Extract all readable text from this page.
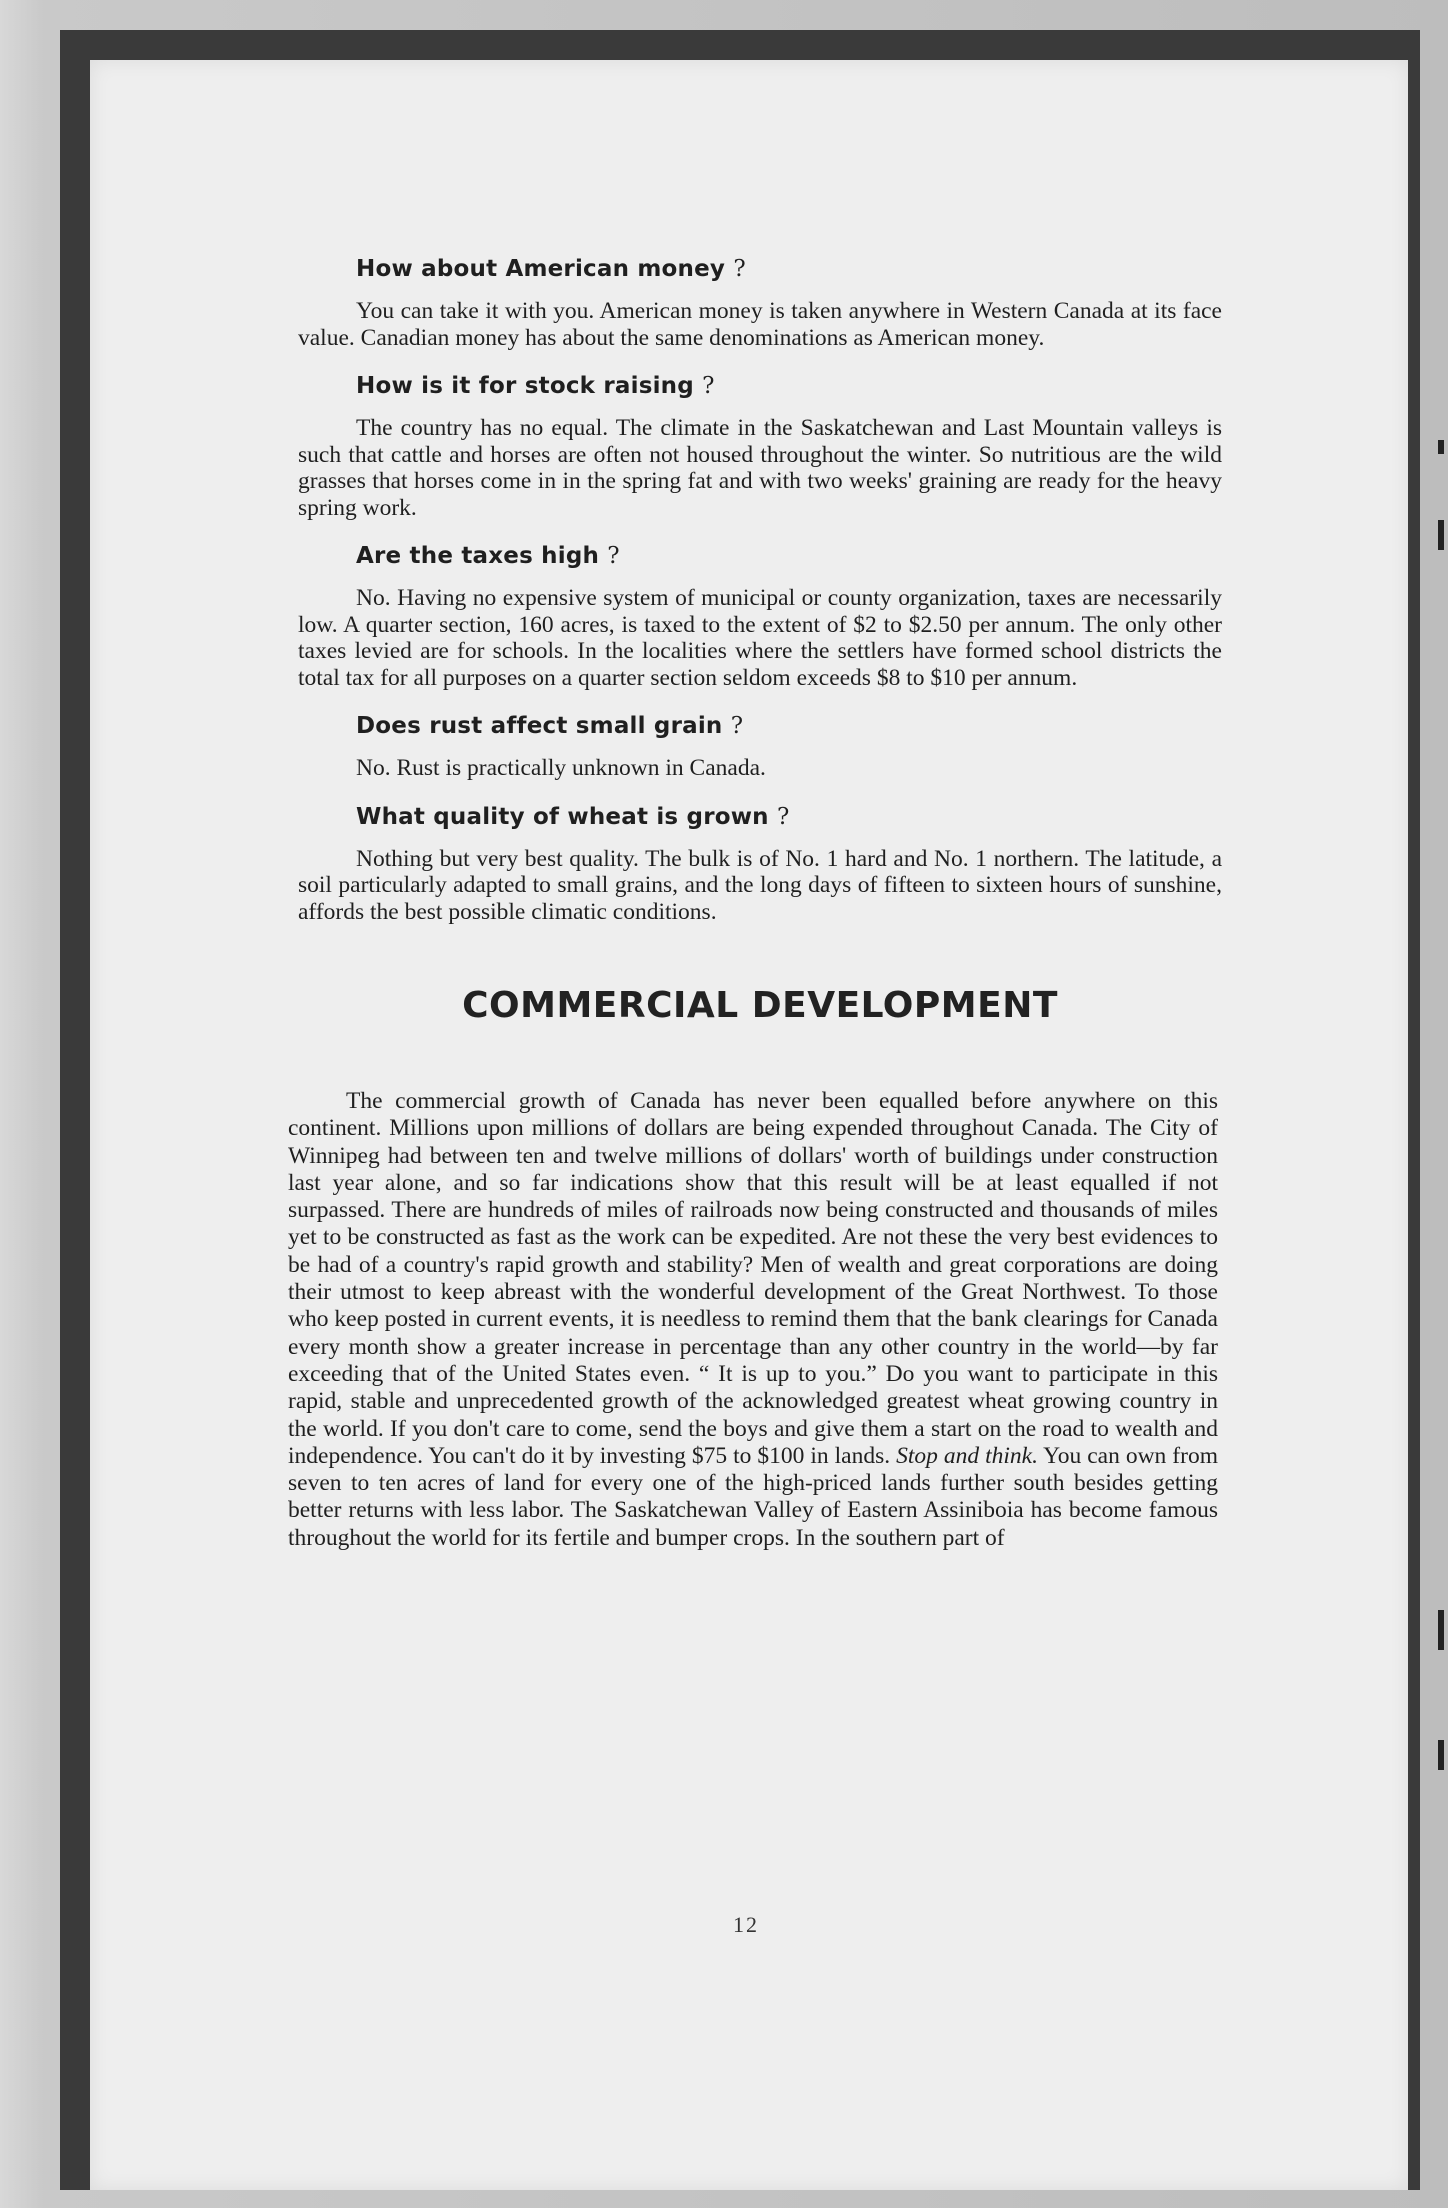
How about American money ?

You can take it with you. American money is taken anywhere in Western Canada at its face value. Canadian money has about the same denominations as American money.

How is it for stock raising ?

The country has no equal. The climate in the Saskatchewan and Last Mountain valleys is such that cattle and horses are often not housed throughout the winter. So nutritious are the wild grasses that horses come in in the spring fat and with two weeks' graining are ready for the heavy spring work.

Are the taxes high ?

No. Having no expensive system of municipal or county organization, taxes are necessarily low. A quarter section, 160 acres, is taxed to the extent of $2 to $2.50 per annum. The only other taxes levied are for schools. In the localities where the settlers have formed school districts the total tax for all purposes on a quarter section seldom exceeds $8 to $10 per annum.

Does rust affect small grain ?

No. Rust is practically unknown in Canada.

What quality of wheat is grown ?

Nothing but very best quality. The bulk is of No. 1 hard and No. 1 northern. The latitude, a soil particularly adapted to small grains, and the long days of fifteen to sixteen hours of sunshine, affords the best possible climatic conditions.

COMMERCIAL DEVELOPMENT

The commercial growth of Canada has never been equalled before anywhere on this continent. Millions upon millions of dollars are being expended throughout Canada. The City of Winnipeg had between ten and twelve millions of dollars' worth of buildings under construction last year alone, and so far indications show that this result will be at least equalled if not surpassed. There are hundreds of miles of railroads now being constructed and thousands of miles yet to be constructed as fast as the work can be expedited. Are not these the very best evidences to be had of a country's rapid growth and stability? Men of wealth and great corporations are doing their utmost to keep abreast with the wonderful development of the Great Northwest. To those who keep posted in current events, it is needless to remind them that the bank clearings for Canada every month show a greater increase in percentage than any other country in the world—by far exceeding that of the United States even. “ It is up to you.” Do you want to participate in this rapid, stable and unprecedented growth of the acknowledged greatest wheat growing country in the world. If you don't care to come, send the boys and give them a start on the road to wealth and independence. You can't do it by investing $75 to $100 in lands. Stop and think. You can own from seven to ten acres of land for every one of the high-priced lands further south besides getting better returns with less labor. The Saskatchewan Valley of Eastern Assiniboia has become famous throughout the world for its fertile and bumper crops. In the southern part of

12
